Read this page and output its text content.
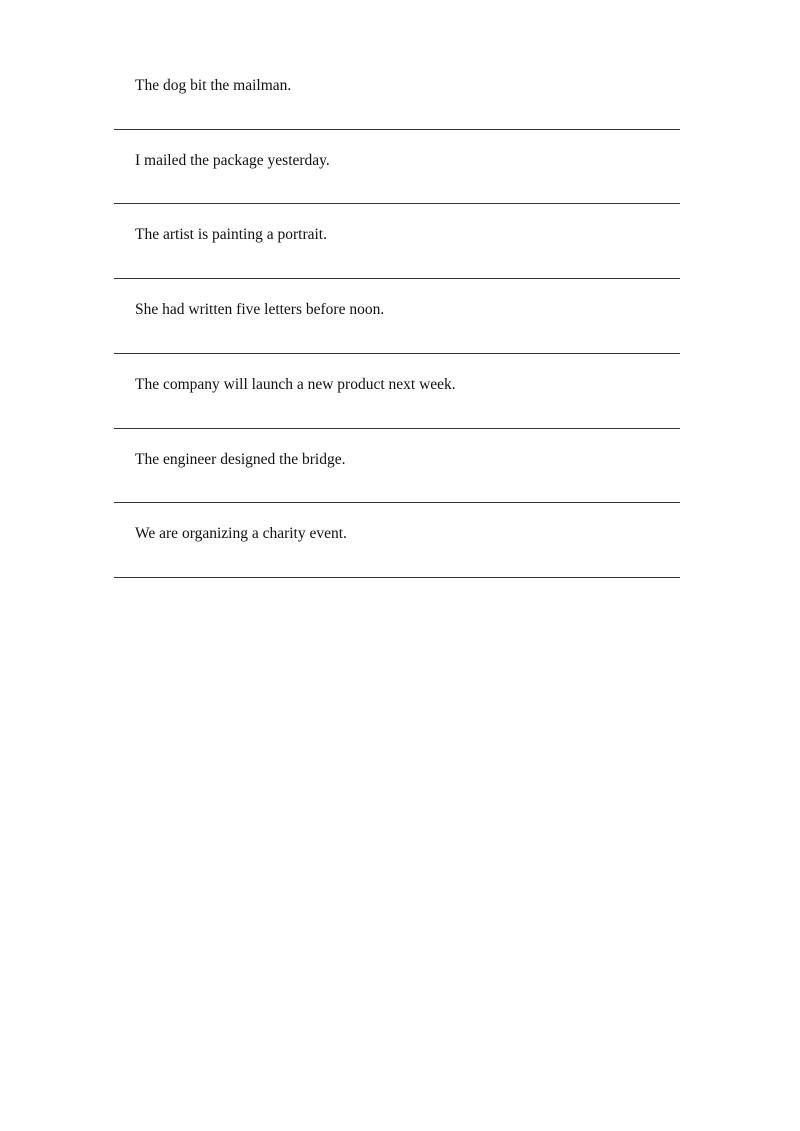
The dog bit the mailman.
I mailed the package yesterday.
The artist is painting a portrait.
She had written five letters before noon.
The company will launch a new product next week.
The engineer designed the bridge.
We are organizing a charity event.
